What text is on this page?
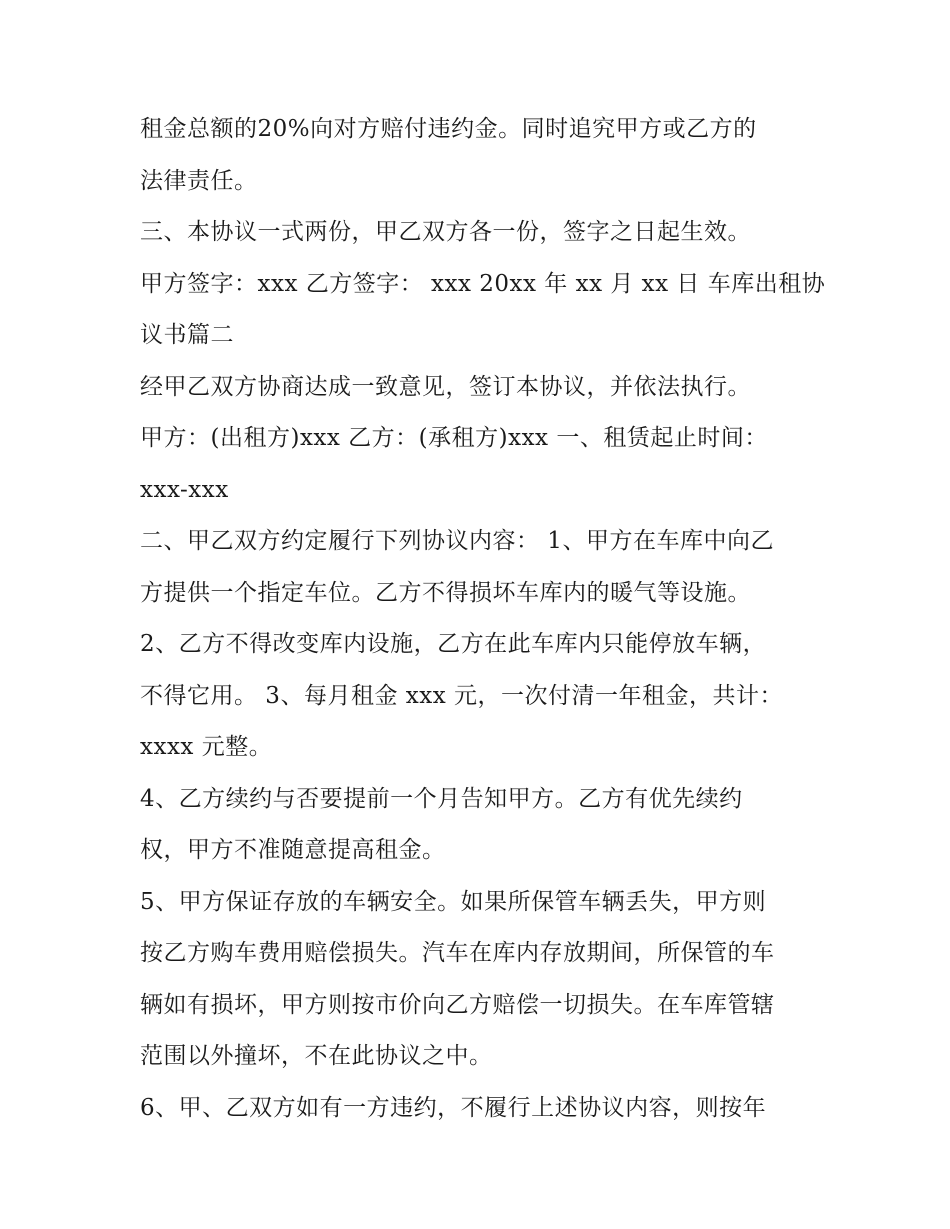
租金总额的20%向对方赔付违约金。同时追究甲方或乙方的
法律责任。
三、本协议一式两份，甲乙双方各一份，签字之日起生效。
甲方签字：xxx 乙方签字： xxx 20xx 年 xx 月 xx 日 车库出租协
议书篇二
经甲乙双方协商达成一致意见，签订本协议，并依法执行。
甲方：(出租方)xxx 乙方：(承租方)xxx 一、租赁起止时间：
xxx-xxx
二、甲乙双方约定履行下列协议内容： 1、甲方在车库中向乙
方提供一个指定车位。乙方不得损坏车库内的暖气等设施。
2、乙方不得改变库内设施，乙方在此车库内只能停放车辆，
不得它用。 3、每月租金 xxx 元，一次付清一年租金，共计：
xxxx 元整。
4、乙方续约与否要提前一个月告知甲方。乙方有优先续约
权，甲方不准随意提高租金。
5、甲方保证存放的车辆安全。如果所保管车辆丢失，甲方则
按乙方购车费用赔偿损失。汽车在库内存放期间，所保管的车
辆如有损坏，甲方则按市价向乙方赔偿一切损失。在车库管辖
范围以外撞坏，不在此协议之中。
6、甲、乙双方如有一方违约，不履行上述协议内容，则按年
